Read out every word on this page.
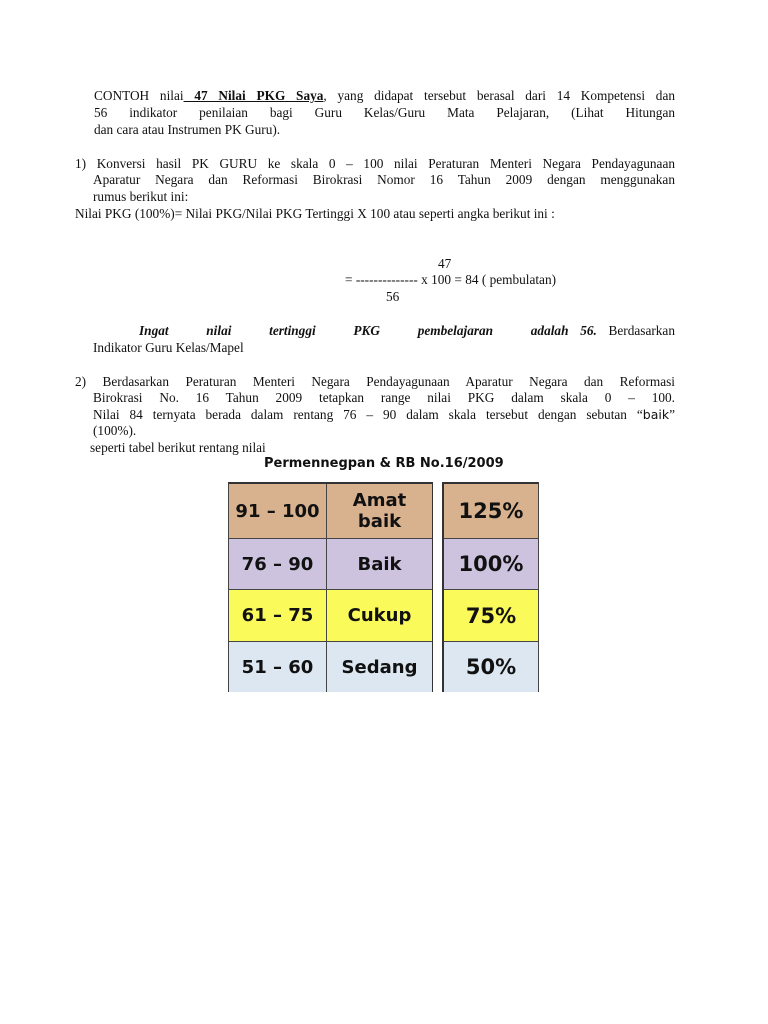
CONTOH nilai 47 Nilai PKG Saya, yang didapat tersebut berasal dari 14 Kompetensi dan
56 indikator penilaian bagi Guru Kelas/Guru Mata Pelajaran, (Lihat Hitungan
dan cara atau Instrumen PK Guru).
1) Konversi hasil PK GURU ke skala 0 – 100 nilai Peraturan Menteri Negara Pendayagunaan
Aparatur Negara dan Reformasi Birokrasi Nomor 16 Tahun 2009 dengan menggunakan
rumus berikut ini:
Nilai PKG (100%)= Nilai PKG/Nilai PKG Tertinggi X 100 atau seperti angka berikut ini :
47
= -------------- x 100 = 84 ( pembulatan)
56
Ingat nilai tertinggi PKG pembelajaran adalah 56. Berdasarkan
Indikator Guru Kelas/Mapel
2) Berdasarkan Peraturan Menteri Negara Pendayagunaan Aparatur Negara dan Reformasi
Birokrasi No. 16 Tahun 2009 tetapkan range nilai PKG dalam skala 0 – 100.
Nilai 84 ternyata berada dalam rentang 76 – 90 dalam skala tersebut dengan sebutan “baik”
(100%).
seperti tabel berikut rentang nilai
Permennegpan & RB No.16/2009
91 – 100	Amat baik
76 – 90 Baik
61 – 75 Cukup
51 – 60 Sedang
125%
100%
75%
50%
